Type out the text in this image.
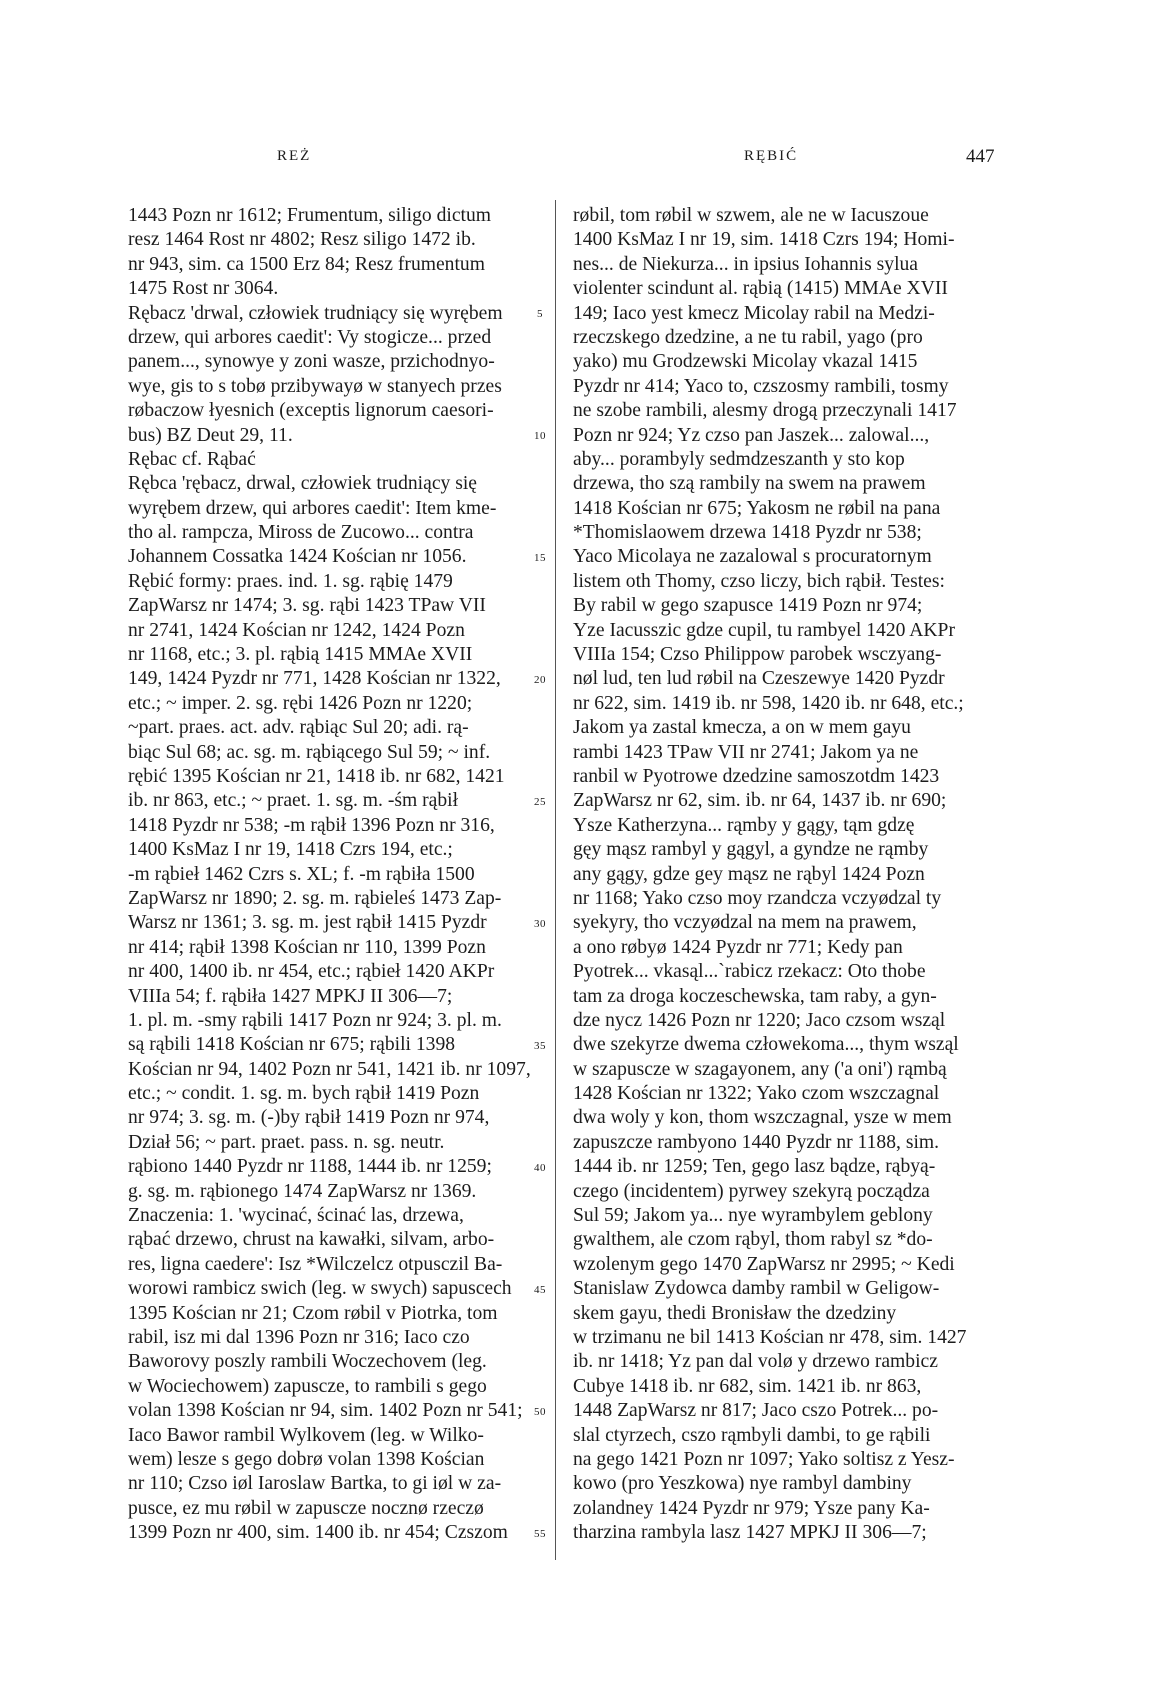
REŻ	RĘBIĆ	447
1443 Pozn nr 1612; Frumentum, siligo dictum
resz 1464 Rost nr 4802; Resz siligo 1472 ib.
nr 943, sim. ca 1500 Erz 84; Resz frumentum
1475 Rost nr 3064.
Rębacz 'drwal, człowiek trudniący się wyrębem
drzew, qui arbores caedit': Vy stogicze... przed
panem..., synowye y zoni wasze, przichodnyo-
wye, gis to s tobø przibywayø w stanyech przes
røbaczow łyesnich (exceptis lignorum caesori-
bus) BZ Deut 29, 11.
Rębac cf. Rąbać
Rębca 'rębacz, drwal, człowiek trudniący się
wyrębem drzew, qui arbores caedit': Item kme-
tho al. rampcza, Miross de Zucowo... contra
Johannem Cossatka 1424 Kościan nr 1056.
Rębić formy: praes. ind. 1. sg. rąbię 1479
ZapWarsz nr 1474; 3. sg. rąbi 1423 TPaw VII
nr 2741, 1424 Kościan nr 1242, 1424 Pozn
nr 1168, etc.; 3. pl. rąbią 1415 MMAe XVII
149, 1424 Pyzdr nr 771, 1428 Kościan nr 1322,
etc.; ~ imper. 2. sg. rębi 1426 Pozn nr 1220;
~part. praes. act. adv. rąbiąc Sul 20; adi. rą-
biąc Sul 68; ac. sg. m. rąbiącego Sul 59; ~ inf.
rębić 1395 Kościan nr 21, 1418 ib. nr 682, 1421
ib. nr 863, etc.; ~ praet. 1. sg. m. -śm rąbił
1418 Pyzdr nr 538; -m rąbił 1396 Pozn nr 316,
1400 KsMaz I nr 19, 1418 Czrs 194, etc.;
-m rąbieł 1462 Czrs s. XL; f. -m rąbiła 1500
ZapWarsz nr 1890; 2. sg. m. rąbieleś 1473 Zap-
Warsz nr 1361; 3. sg. m. jest rąbił 1415 Pyzdr
nr 414; rąbił 1398 Kościan nr 110, 1399 Pozn
nr 400, 1400 ib. nr 454, etc.; rąbieł 1420 AKPr
VIIIa 54; f. rąbiła 1427 MPKJ II 306—7;
1. pl. m. -smy rąbili 1417 Pozn nr 924; 3. pl. m.
są rąbili 1418 Kościan nr 675; rąbili 1398
Kościan nr 94, 1402 Pozn nr 541, 1421 ib. nr 1097,
etc.; ~ condit. 1. sg. m. bych rąbił 1419 Pozn
nr 974; 3. sg. m. (-)by rąbił 1419 Pozn nr 974,
Dział 56; ~ part. praet. pass. n. sg. neutr.
rąbiono 1440 Pyzdr nr 1188, 1444 ib. nr 1259;
g. sg. m. rąbionego 1474 ZapWarsz nr 1369.
Znaczenia: 1. 'wycinać, ścinać las, drzewa,
rąbać drzewo, chrust na kawałki, silvam, arbo-
res, ligna caedere': Isz *Wilczelcz otpusczil Ba-
worowi rambicz swich (leg. w swych) sapuscech
1395 Kościan nr 21; Czom røbil v Piotrka, tom
rabil, isz mi dal 1396 Pozn nr 316; Iaco czo
Baworovy poszly rambili Woczechovem (leg.
w Wociechowem) zapusczе, to rambili s gego
volan 1398 Kościan nr 94, sim. 1402 Pozn nr 541;
Iaco Bawor rambil Wylkovem (leg. w Wilko-
wem) lesze s gego dobrø volan 1398 Kościan
nr 110; Czso iøl Iaroslaw Bartka, to gi iøl w za-
pusce, ez mu røbil w zapuscze nocznø rzeczø
1399 Pozn nr 400, sim. 1400 ib. nr 454; Czszom
5
10
15
20
25
30
35
40
45
50
55
røbil, tom røbil w szwem, ale ne w Iacuszoue
1400 KsMaz I nr 19, sim. 1418 Czrs 194; Homi-
nes... de Niekurza... in ipsius Iohannis sylua
violenter scindunt al. rąbią (1415) MMAe XVII
149; Iaco yest kmecz Micolay rabil na Medzi-
rzeczskego dzedzine, a ne tu rabil, yago (pro
yako) mu Grodzewski Micolay vkazal 1415
Pyzdr nr 414; Yaco to, czszosmy rambili, tosmy
ne szobe rambili, alesmy drogą przeczynali 1417
Pozn nr 924; Yz czso pan Jaszek... zalowal...,
aby... porambyly sedmdzeszanth y sto kop
drzewa, tho szą rambily na swem na prawem
1418 Kościan nr 675; Yakosm ne røbil na pana
*Thomislaowem drzewa 1418 Pyzdr nr 538;
Yaco Micolaya ne zazalowal s procuratornym
listem oth Thomy, czso liczy, bich rąbił. Testes:
By rabil w gego szapusce 1419 Pozn nr 974;
Yze Iacusszic gdze cupil, tu rambyel 1420 AKPr
VIIIa 154; Czso Philippow parobek wsczyang-
nøl lud, ten lud røbil na Czeszewye 1420 Pyzdr
nr 622, sim. 1419 ib. nr 598, 1420 ib. nr 648, etc.;
Jakom ya zastal kmecza, a on w mem gayu
rambi 1423 TPaw VII nr 2741; Jakom ya ne
ranbil w Pyotrowe dzedzine samoszotdm 1423
ZapWarsz nr 62, sim. ib. nr 64, 1437 ib. nr 690;
Ysze Katherzyna... rąmby y gągy, tąm gdzę
gęy mąsz rambyl y gągyl, a gyndze ne rąmby
any gągy, gdze gey mąsz ne rąbyl 1424 Pozn
nr 1168; Yako czso moy rzandcza vczyødzal ty
syekyry, tho vczyødzal na mem na prawem,
a ono røbyø 1424 Pyzdr nr 771; Kedy pan
Pyotrek... vkasąl...`rabicz rzekacz: Oto thobe
tam za droga koczeschewska, tam raby, a gyn-
dze nycz 1426 Pozn nr 1220; Jaco czsom wsząl
dwe szekyrze dwema człowekoma..., thym wsząl
w szapuscze w szagayonem, any ('a oni') rąmbą
1428 Kościan nr 1322; Yako czom wszczagnal
dwa woly y kon, thom wszczagnal, ysze w mem
zapuszcze rambyono 1440 Pyzdr nr 1188, sim.
1444 ib. nr 1259; Ten, gego lasz bądze, rąbyą-
czego (incidentem) pyrwey szekyrą począdza
Sul 59; Jakom ya... nye wyrambylem geblony
gwalthem, ale czom rąbyl, thom rabyl sz *do-
wzolenym gego 1470 ZapWarsz nr 2995; ~ Kedi
Stanislaw Zydowca damby rambil w Geligow-
skem gayu, thedi Bronisław the dzedziny
w trzimanu ne bil 1413 Kościan nr 478, sim. 1427
ib. nr 1418; Yz pan dal volø y drzewo rambicz
Cubye 1418 ib. nr 682, sim. 1421 ib. nr 863,
1448 ZapWarsz nr 817; Jaco cszo Potrek... po-
slal ctyrzech, cszo rąmbyli dambi, to ge rąbili
na gego 1421 Pozn nr 1097; Yako soltisz z Yesz-
kowo (pro Yeszkowa) nye rambyl dambiny
zolandney 1424 Pyzdr nr 979; Ysze pany Ka-
tharzina rambyla lasz 1427 MPKJ II 306—7;
